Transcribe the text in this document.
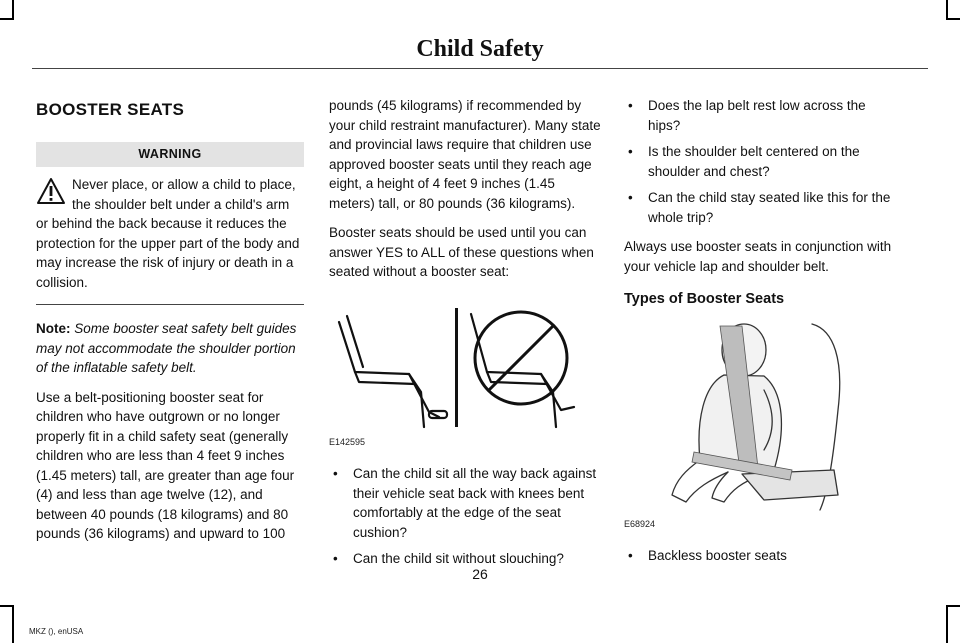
Child Safety
BOOSTER SEATS
WARNING
Never place, or allow a child to place, the shoulder belt under a child's arm or behind the back because it reduces the protection for the upper part of the body and may increase the risk of injury or death in a collision.

Note: Some booster seat safety belt guides may not accommodate the shoulder portion of the inflatable safety belt.

Use a belt-positioning booster seat for children who have outgrown or no longer properly fit in a child safety seat (generally children who are less than 4 feet 9 inches (1.45 meters) tall, are greater than age four (4) and less than age twelve (12), and between 40 pounds (18 kilograms) and 80 pounds (36 kilograms) and upward to 100

pounds (45 kilograms) if recommended by your child restraint manufacturer). Many state and provincial laws require that children use approved booster seats until they reach age eight, a height of 4 feet 9 inches (1.45 meters) tall, or 80 pounds (36 kilograms).

Booster seats should be used until you can answer YES to ALL of these questions when seated without a booster seat:

E142595
• Can the child sit all the way back against their vehicle seat back with knees bent comfortably at the edge of the seat cushion?
• Can the child sit without slouching?
• Does the lap belt rest low across the hips?
• Is the shoulder belt centered on the shoulder and chest?
• Can the child stay seated like this for the whole trip?

Always use booster seats in conjunction with your vehicle lap and shoulder belt.

Types of Booster Seats
E68924
• Backless booster seats
26
MKZ (), enUSA
